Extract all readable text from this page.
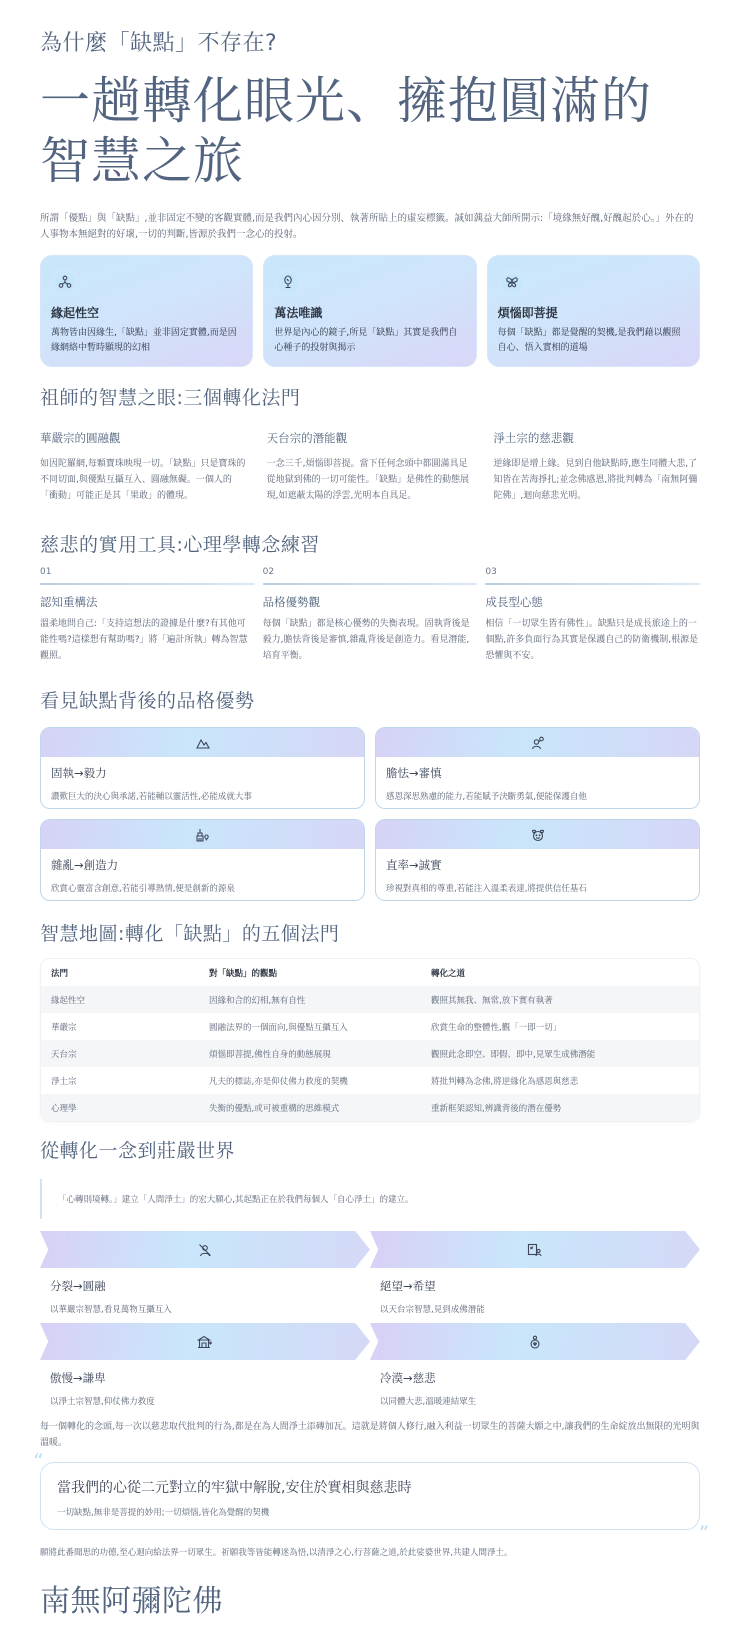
為什麼「缺點」不存在?
一趟轉化眼光、擁抱圓滿的智慧之旅

所謂「優點」與「缺點」,並非固定不變的客觀實體,而是我們內心因分別、執著所貼上的虛妄標籤。誠如蕅益大師所開示:「境緣無好醜,好醜起於心。」外在的人事物本無絕對的好壞,一切的判斷,皆源於我們一念心的投射。

緣起性空
萬物皆由因緣生,「缺點」並非固定實體,而是因緣網絡中暫時顯現的幻相
萬法唯識
世界是內心的鏡子,所見「缺點」其實是我們自心種子的投射與揭示
煩惱即菩提
每個「缺點」都是覺醒的契機,是我們藉以觀照自心、悟入實相的道場
祖師的智慧之眼:三個轉化法門
華嚴宗的圓融觀
如因陀羅網,每顆寶珠映現一切。「缺點」只是寶珠的不同切面,與優點互攝互入、圓融無礙。一個人的「衝動」可能正是其「果敢」的體現。
天台宗的潛能觀
一念三千,煩惱即菩提。當下任何念頭中都圓滿具足從地獄到佛的一切可能性。「缺點」是佛性的動態展現,如遮蔽太陽的浮雲,光明本自具足。
淨土宗的慈悲觀
逆緣即是增上緣。見到自他缺點時,應生同體大悲,了知皆在苦海掙扎;並念佛感恩,將批判轉為「南無阿彌陀佛」,迴向慈悲光明。
慈悲的實用工具:心理學轉念練習
01
認知重構法
溫柔地問自己:「支持這想法的證據是什麼?有其他可能性嗎?這樣想有幫助嗎?」將「遍計所執」轉為智慧觀照。
02
品格優勢觀
每個「缺點」都是核心優勢的失衡表現。固執背後是毅力,膽怯背後是審慎,雜亂背後是創造力。看見潛能,培育平衡。
03
成長型心態
相信「一切眾生皆有佛性」。缺點只是成長旅途上的一個點,許多負面行為其實是保護自己的防衛機制,根源是恐懼與不安。
看見缺點背後的品格優勢
固執→毅力
讚歎巨大的決心與承諾,若能輔以靈活性,必能成就大事
膽怯→審慎
感恩深思熟慮的能力,若能賦予決斷勇氣,便能保護自他
雜亂→創造力
欣賞心靈富含創意,若能引導熱情,便是創新的源泉
直率→誠實
珍視對真相的尊重,若能注入溫柔表達,將提供信任基石
智慧地圖:轉化「缺點」的五個法門
法門	對「缺點」的觀點	轉化之道
緣起性空	因緣和合的幻相,無有自性	觀照其無我、無常,放下實有執著
華嚴宗	圓融法界的一個面向,與優點互攝互入	欣賞生命的整體性,觀「一即一切」
天台宗	煩惱即菩提,佛性自身的動態展現	觀照此念即空、即假、即中,見眾生成佛潛能
淨土宗	凡夫的標誌,亦是仰仗佛力救度的契機	將批判轉為念佛,將逆緣化為感恩與慈悲
心理學	失衡的優點,或可被重構的思維模式	重新框架認知,辨識背後的潛在優勢
從轉化一念到莊嚴世界
「心轉則境轉。」建立「人間淨土」的宏大願心,其起點正在於我們每個人「自心淨土」的建立。
分裂→圓融
以華嚴宗智慧,看見萬物互攝互入
絕望→希望
以天台宗智慧,見到成佛潛能
傲慢→謙卑
以淨土宗智慧,仰仗佛力救度
冷漠→慈悲
以同體大悲,溫暖連結眾生

每一個轉化的念頭,每一次以慈悲取代批判的行為,都是在為人間淨土添磚加瓦。這就是將個人修行,融入利益一切眾生的菩薩大願之中,讓我們的生命綻放出無限的光明與溫暖。

“
當我們的心從二元對立的牢獄中解脫,安住於實相與慈悲時
一切缺點,無非是菩提的妙用;一切煩惱,皆化為覺醒的契機
”

願將此番聞思的功德,至心迴向給法界一切眾生。祈願我等皆能轉迷為悟,以清淨之心,行菩薩之道,於此娑婆世界,共建人間淨土。

南無阿彌陀佛
